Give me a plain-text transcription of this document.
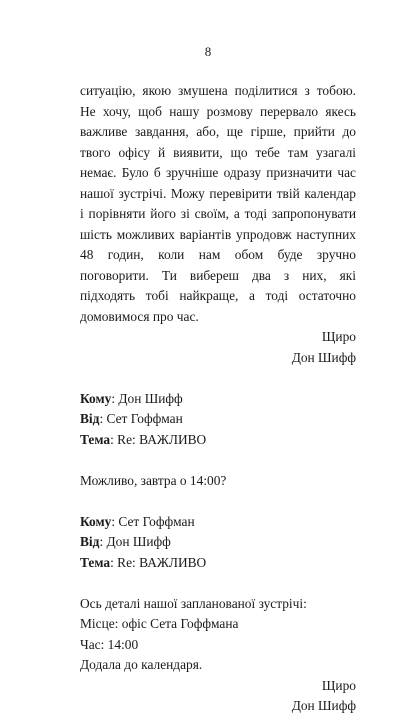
8

ситуацію, якою змушена поділитися з тобою. Не хочу, щоб нашу розмову перервало якесь важливе завдання, або, ще гірше, прийти до твого офісу й виявити, що тебе там узагалі немає. Було б зручніше одразу призначити час нашої зустрічі. Можу перевірити твій календар і порівняти його зі своїм, а тоді запропонувати шість можливих варіантів упродовж наступних 48 годин, коли нам обом буде зручно поговорити. Ти вибереш два з них, які підходять тобі найкраще, а тоді остаточно домовимося про час.

Щиро

Дон Шифф

Кому: Дон Шифф

Від: Сет Гоффман

Тема: Re: ВАЖЛИВО

Можливо, завтра о 14:00?

Кому: Сет Гоффман

Від: Дон Шифф

Тема: Re: ВАЖЛИВО

Ось деталі нашої запланованої зустрічі:

Місце: офіс Сета Гоффмана

Час: 14:00

Додала до календаря.

Щиро

Дон Шифф
